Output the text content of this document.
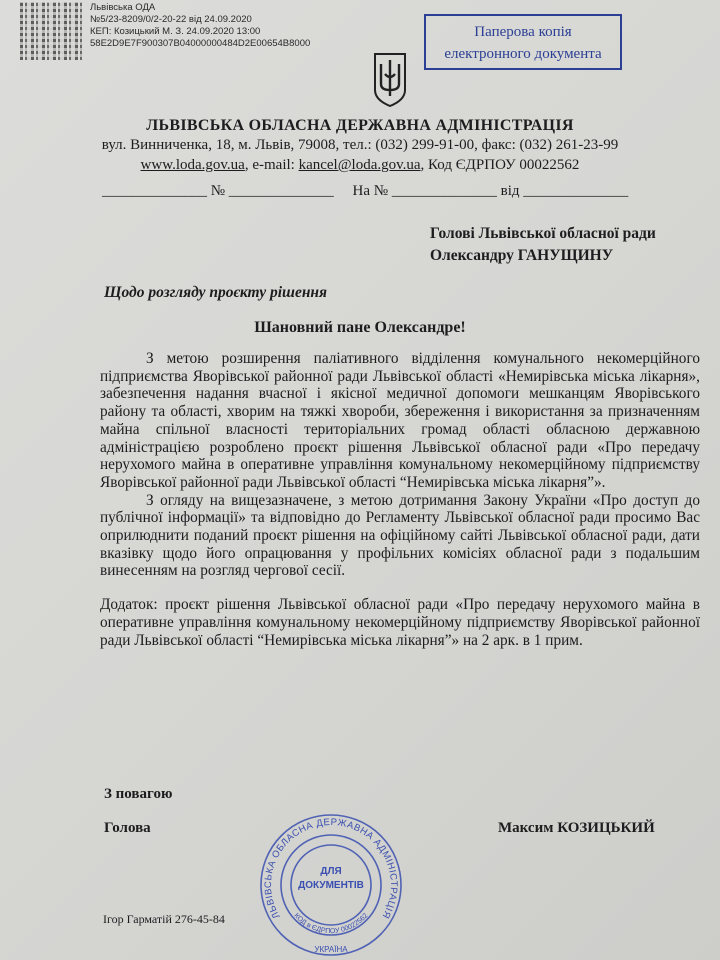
Львівська ОДА
№5/23-8209/0/2-20-22 від 24.09.2020
КЕП: Козицький М. З. 24.09.2020 13:00
58E2D9E7F900307B04000000484D2E00654B8000
Паперова копія
електронного документа
ЛЬВІВСЬКА ОБЛАСНА ДЕРЖАВНА АДМІНІСТРАЦІЯ
вул. Винниченка, 18, м. Львів, 79008, тел.: (032) 299-91-00, факс: (032) 261-23-99
www.loda.gov.ua, e-mail: kancel@loda.gov.ua, Код ЄДРПОУ 00022562
______________ № ______________     На № ______________ від ______________
Голові Львівської обласної ради
Олександру ГАНУЩИНУ
Щодо розгляду проєкту рішення
Шановний пане Олександре!

З метою розширення паліативного відділення комунального некомерційного підприємства Яворівської районної ради Львівської області «Немирівська міська лікарня», забезпечення надання вчасної і якісної медичної допомоги мешканцям Яворівського району та області, хворим на тяжкі хвороби, збереження і використання за призначенням майна спільної власності територіальних громад області обласною державною адміністрацією розроблено проєкт рішення Львівської обласної ради «Про передачу нерухомого майна в оперативне управління комунальному некомерційному підприємству Яворівської районної ради Львівської області “Немирівська міська лікарня”».

З огляду на вищезазначене, з метою дотримання Закону України «Про доступ до публічної інформації» та відповідно до Регламенту Львівської обласної ради просимо Вас оприлюднити поданий проєкт рішення на офіційному сайті Львівської обласної ради, дати вказівку щодо його опрацювання у профільних комісіях обласної ради з подальшим винесенням на розгляд чергової сесії.

Додаток: проєкт рішення Львівської обласної ради «Про передачу нерухомого майна в оперативне управління комунальному некомерційному підприємству Яворівської районної ради Львівської області “Немирівська міська лікарня”» на 2 арк. в 1 прим.

З повагою
Голова	Максим КОЗИЦЬКИЙ
ЛЬВІВСЬКА ОБЛАСНА ДЕРЖАВНА АДМІНІСТРАЦІЯ
КОД в ЄДРПОУ 00022562
УКРАЇНА
ДЛЯ
ДОКУМЕНТІВ
Ігор Гарматій 276-45-84
